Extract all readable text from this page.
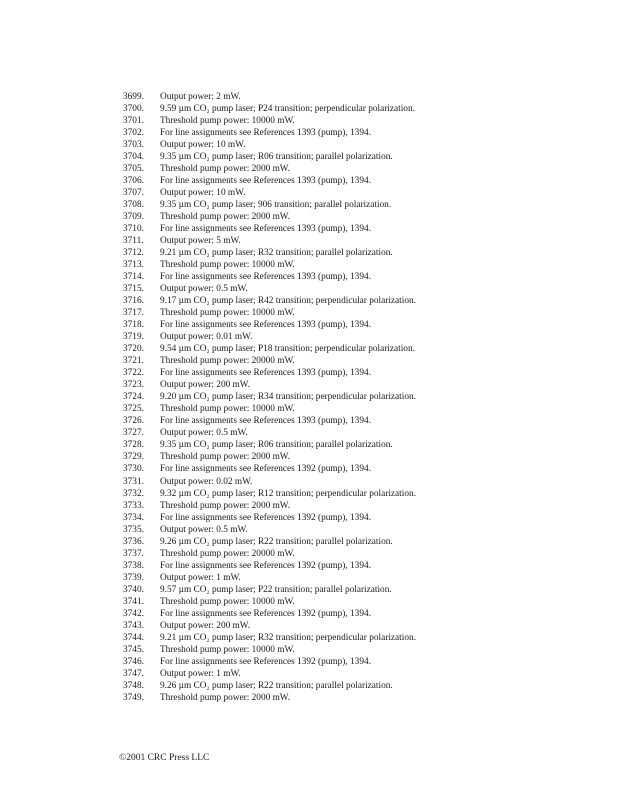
3699.	Output power: 2 mW.
3700.	9.59 µm CO₂ pump laser; P24 transition; perpendicular polarization.
3701.	Threshold pump power: 10000 mW.
3702.	For line assignments see References 1393 (pump), 1394.
3703.	Output power: 10 mW.
3704.	9.35 µm CO₂ pump laser; R06 transition; parallel polarization.
3705.	Threshold pump power: 2000 mW.
3706.	For line assignments see References 1393 (pump), 1394.
3707.	Output power: 10 mW.
3708.	9.35 µm CO₂ pump laser; 906 transition; parallel polarization.
3709.	Threshold pump power: 2000 mW.
3710.	For line assignments see References 1393 (pump), 1394.
3711.	Output power: 5 mW.
3712.	9.21 µm CO₂ pump laser; R32 transition; parallel polarization.
3713.	Threshold pump power: 10000 mW.
3714.	For line assignments see References 1393 (pump), 1394.
3715.	Output power: 0.5 mW.
3716.	9.17 µm CO₂ pump laser; R42 transition; perpendicular polarization.
3717.	Threshold pump power: 10000 mW.
3718.	For line assignments see References 1393 (pump), 1394.
3719.	Output power: 0.01 mW.
3720.	9.54 µm CO₂ pump laser; P18 transition; perpendicular polarization.
3721.	Threshold pump power: 20000 mW.
3722.	For line assignments see References 1393 (pump), 1394.
3723.	Output power: 200 mW.
3724.	9.20 µm CO₂ pump laser; R34 transition; perpendicular polarization.
3725.	Threshold pump power: 10000 mW.
3726.	For line assignments see References 1393 (pump), 1394.
3727.	Output power: 0.5 mW.
3728.	9.35 µm CO₂ pump laser; R06 transition; parallel polarization.
3729.	Threshold pump power: 2000 mW.
3730.	For line assignments see References 1392 (pump), 1394.
3731.	Output power: 0.02 mW.
3732.	9.32 µm CO₂ pump laser; R12 transition; perpendicular polarization.
3733.	Threshold pump power: 2000 mW.
3734.	For line assignments see References 1392 (pump), 1394.
3735.	Output power: 0.5 mW.
3736.	9.26 µm CO₂ pump laser; R22 transition; parallel polarization.
3737.	Threshold pump power: 20000 mW.
3738.	For line assignments see References 1392 (pump), 1394.
3739.	Output power: 1 mW.
3740.	9.57 µm CO₂ pump laser; P22 transition; parallel polarization.
3741.	Threshold pump power: 10000 mW.
3742.	For line assignments see References 1392 (pump), 1394.
3743.	Output power: 200 mW.
3744.	9.21 µm CO₂ pump laser; R32 transition; perpendicular polarization.
3745.	Threshold pump power: 10000 mW.
3746.	For line assignments see References 1392 (pump), 1394.
3747.	Output power: 1 mW.
3748.	9.26 µm CO₂ pump laser; R22 transition; parallel polarization.
3749.	Threshold pump power: 2000 mW.
©2001 CRC Press LLC
